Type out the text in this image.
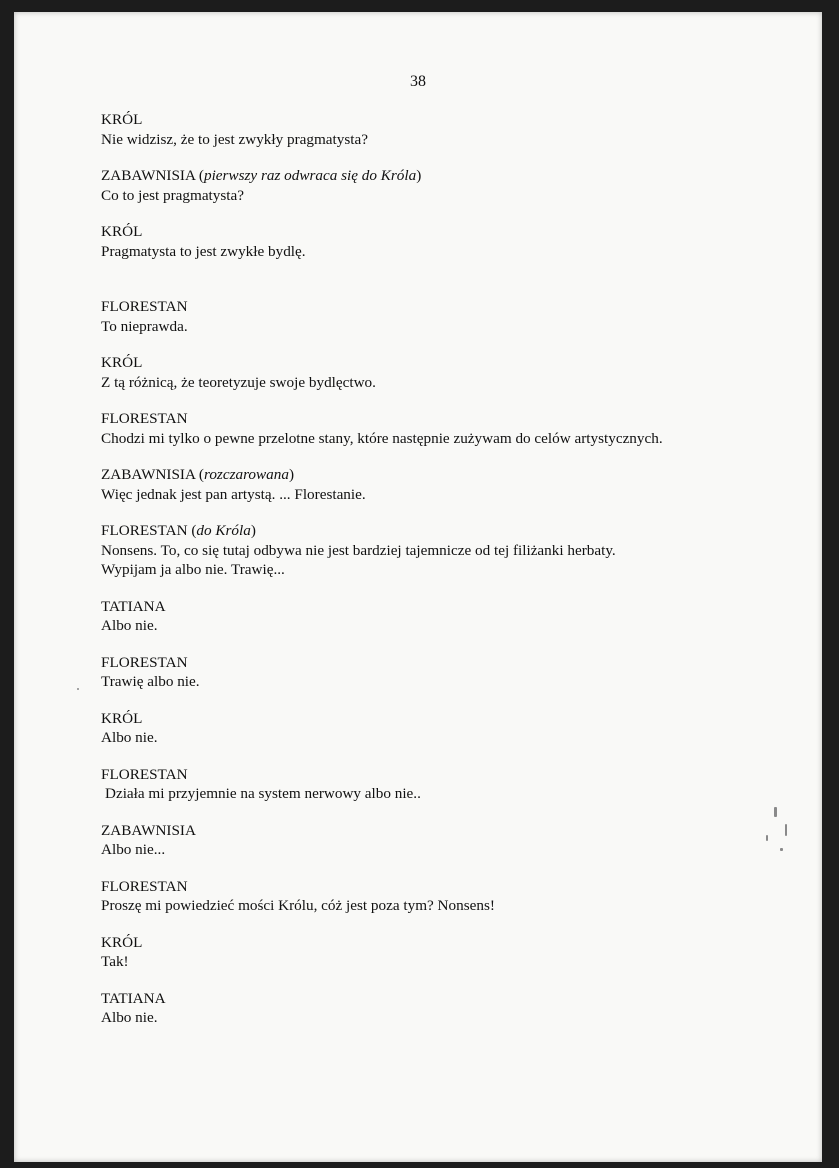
38
KRÓL
Nie widzisz, że to jest zwykły pragmatysta?
ZABAWNISIA (pierwszy raz odwraca się do Króla)
Co to jest pragmatysta?
KRÓL
Pragmatysta to jest zwykłe bydlę.
FLORESTAN
To nieprawda.
KRÓL
Z tą różnicą, że teoretyzuje swoje bydlęctwo.
FLORESTAN
Chodzi mi tylko o pewne przelotne stany, które następnie zużywam do celów artystycznych.
ZABAWNISIA (rozczarowana)
Więc jednak jest pan artystą. ... Florestanie.
FLORESTAN (do Króla)
Nonsens. To, co się tutaj odbywa nie jest bardziej tajemnicze od tej filiżanki herbaty.
Wypijam ja albo nie. Trawię...
TATIANA
Albo nie.
FLORESTAN
Trawię albo nie.
KRÓL
Albo nie.
FLORESTAN
Działa mi przyjemnie na system nerwowy albo nie..
ZABAWNISIA
Albo nie...
FLORESTAN
Proszę mi powiedzieć mości Królu, cóż jest poza tym? Nonsens!
KRÓL
Tak!
TATIANA
Albo nie.
